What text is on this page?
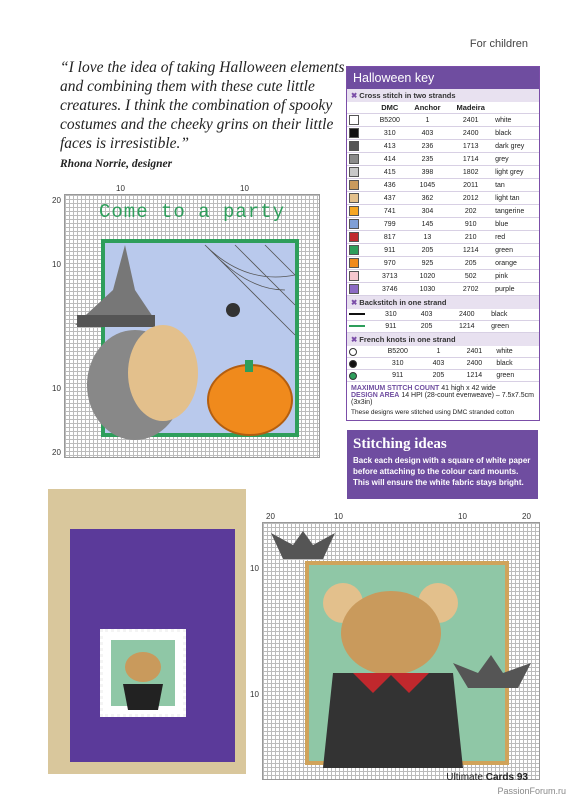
For children
“I love the idea of taking Halloween elements and combining them with these cute little creatures. I think the combination of spooky costumes and the cheeky grins on their little faces is irresistible.”
Rhona Norrie, designer
10	10
20
10
10
20
Come to a party
Halloween key
✖ Cross stitch in two strands
	DMC	Anchor	Madeira	
	B5200	1	2401	white
	310	403	2400	black
	413	236	1713	dark grey
	414	235	1714	grey
	415	398	1802	light grey
	436	1045	2011	tan
	437	362	2012	light tan
	741	304	202	tangerine
	799	145	910	blue
	817	13	210	red
	911	205	1214	green
	970	925	205	orange
	3713	1020	502	pink
	3746	1030	2702	purple
✖ Backstitch in one strand
	310	403	2400	black
	911	205	1214	green
✖ French knots in one strand
	B5200	1	2401	white
	310	403	2400	black
	911	205	1214	green
MAXIMUM STITCH COUNT 41 high x 42 wide
DESIGN AREA 14 HPI (28-count evenweave) – 7.5x7.5cm (3x3in)
These designs were stitched using DMC stranded cotton
Stitching ideas
Back each design with a square of white paper before attaching to the colour card mounts. This will ensure the white fabric stays bright.
20	10	10	20
10
10
Ultimate Cards 93
PassionForum.ru
